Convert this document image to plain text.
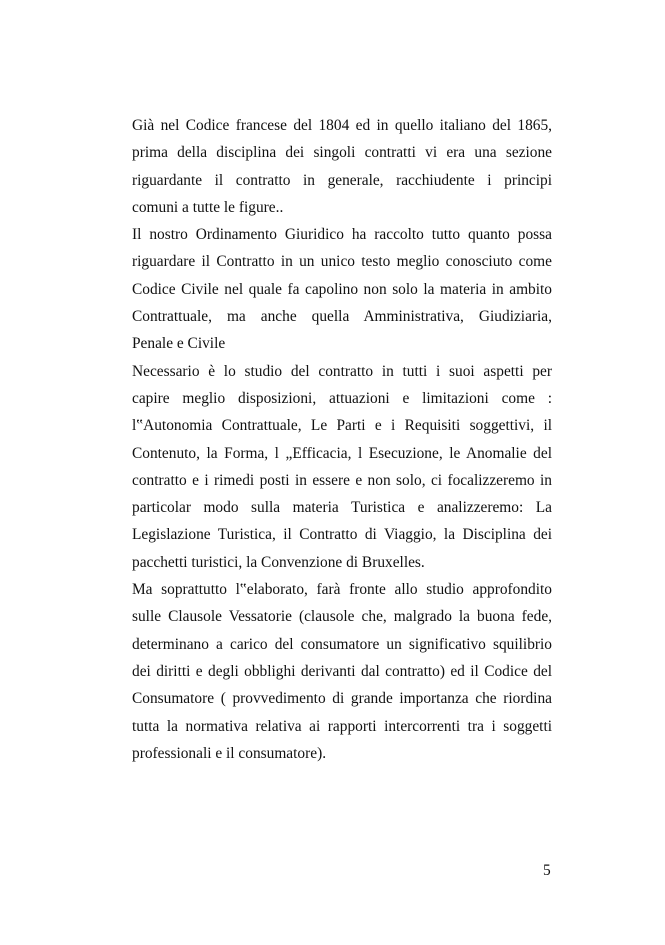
Già nel Codice francese del 1804 ed in quello italiano del 1865,
prima della disciplina dei singoli contratti vi era una sezione
riguardante il contratto in generale, racchiudente i principi
comuni a tutte le figure..
Il nostro Ordinamento Giuridico ha raccolto tutto quanto possa
riguardare il Contratto in un unico testo meglio conosciuto come
Codice Civile nel quale fa capolino non solo la materia in ambito
Contrattuale, ma anche quella Amministrativa, Giudiziaria,
Penale e Civile
Necessario è lo studio del contratto in tutti i suoi aspetti per
capire meglio disposizioni, attuazioni e limitazioni come :
l‟Autonomia Contrattuale, Le Parti e i Requisiti soggettivi, il
Contenuto, la Forma, l „Efficacia, l Esecuzione, le Anomalie del
contratto e i rimedi posti in essere e non solo, ci focalizzeremo in
particolar modo sulla materia Turistica e analizzeremo: La
Legislazione Turistica, il Contratto di Viaggio, la Disciplina dei
pacchetti turistici, la Convenzione di Bruxelles.
Ma soprattutto l‟elaborato, farà fronte allo studio approfondito
sulle Clausole Vessatorie (clausole che, malgrado la buona fede,
determinano a carico del consumatore un significativo squilibrio
dei diritti e degli obblighi derivanti dal contratto) ed il Codice del
Consumatore ( provvedimento di grande importanza che riordina
tutta la normativa relativa ai rapporti intercorrenti tra i soggetti
professionali e il consumatore).
5
